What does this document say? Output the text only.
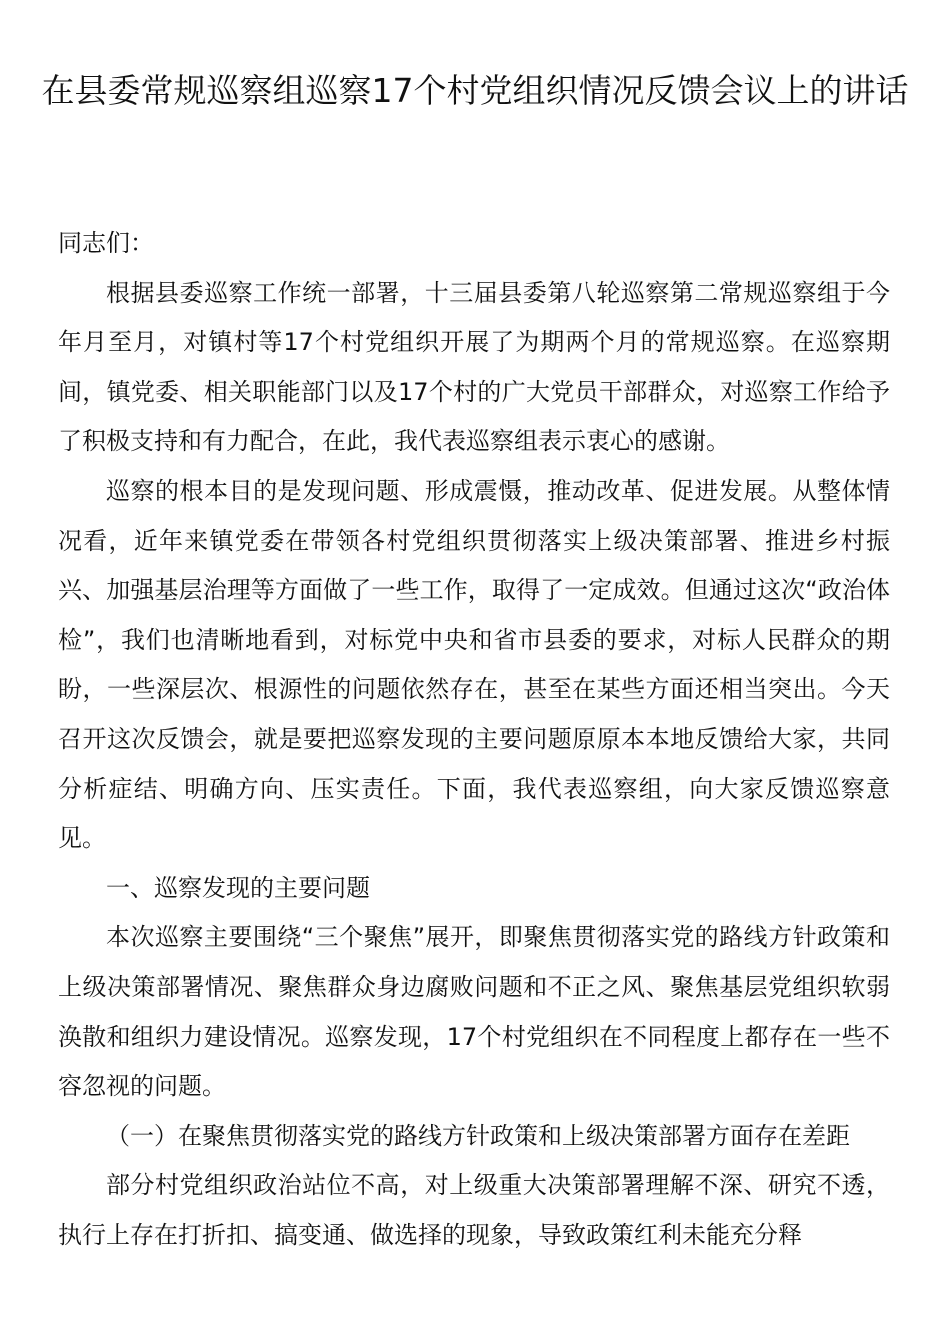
在县委常规巡察组巡察17个村党组织情况反馈会议上的讲话

同志们：

根据县委巡察工作统一部署，十三届县委第八轮巡察第二常规巡察组于今年月至月，对镇村等17个村党组织开展了为期两个月的常规巡察。在巡察期间，镇党委、相关职能部门以及17个村的广大党员干部群众，对巡察工作给予了积极支持和有力配合，在此，我代表巡察组表示衷心的感谢。

巡察的根本目的是发现问题、形成震慑，推动改革、促进发展。从整体情况看，近年来镇党委在带领各村党组织贯彻落实上级决策部署、推进乡村振兴、加强基层治理等方面做了一些工作，取得了一定成效。但通过这次“政治体检”，我们也清晰地看到，对标党中央和省市县委的要求，对标人民群众的期盼，一些深层次、根源性的问题依然存在，甚至在某些方面还相当突出。今天召开这次反馈会，就是要把巡察发现的主要问题原原本本地反馈给大家，共同分析症结、明确方向、压实责任。下面，我代表巡察组，向大家反馈巡察意见。

一、巡察发现的主要问题

本次巡察主要围绕“三个聚焦”展开，即聚焦贯彻落实党的路线方针政策和上级决策部署情况、聚焦群众身边腐败问题和不正之风、聚焦基层党组织软弱涣散和组织力建设情况。巡察发现，17个村党组织在不同程度上都存在一些不容忽视的问题。

（一）在聚焦贯彻落实党的路线方针政策和上级决策部署方面存在差距

部分村党组织政治站位不高，对上级重大决策部署理解不深、研究不透，执行上存在打折扣、搞变通、做选择的现象，导致政策红利未能充分释
